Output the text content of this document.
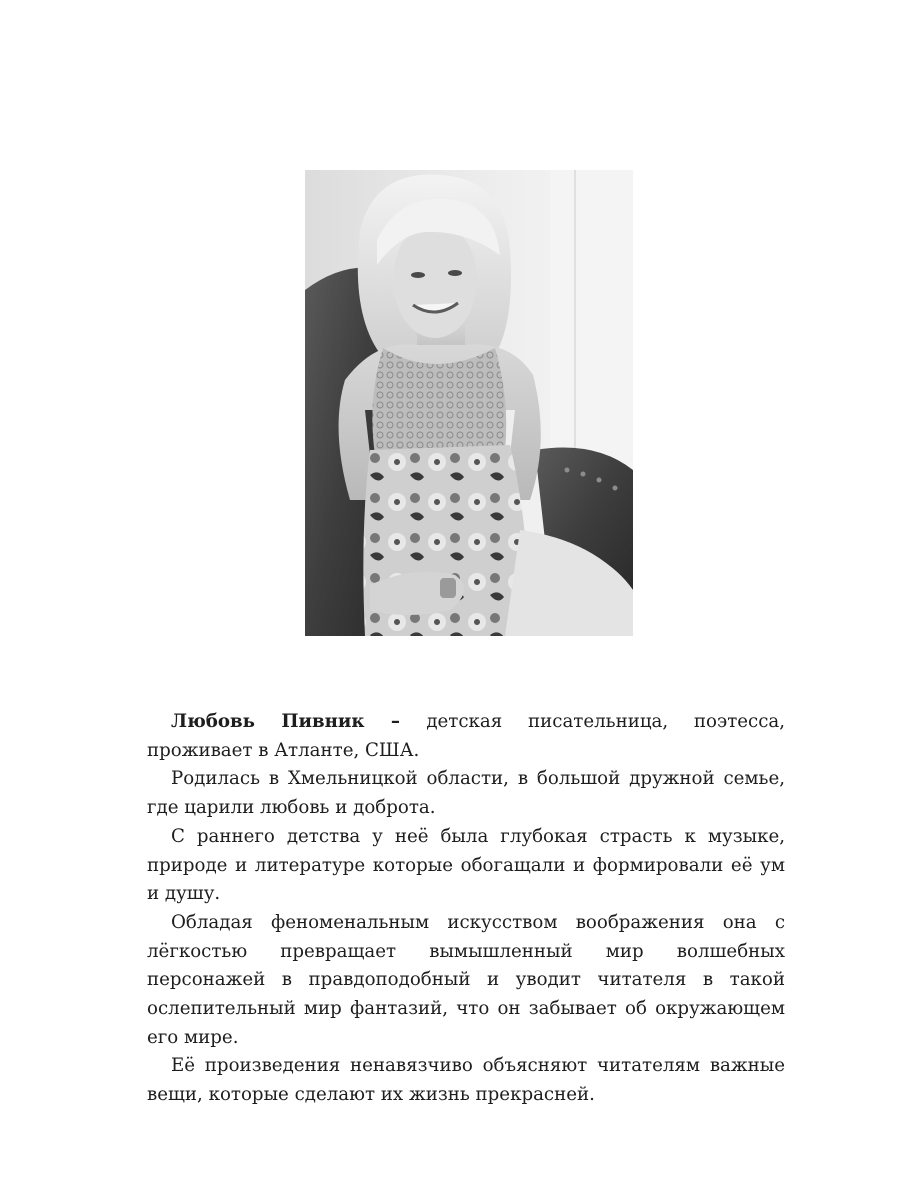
Любовь Пивник – детская писательница, поэтесса, проживает в Атланте, США.

Родилась в Хмельницкой области, в большой дружной семье, где царили любовь и доброта.

С раннего детства у неё была глубокая страсть к музыке, природе и литературе которые обогащали и формировали её ум и душу.

Обладая феноменальным искусством воображения она с лёгкостью превращает вымышленный мир волшебных персонажей в правдоподобный и уводит читателя в такой ослепительный мир фантазий, что он забывает об окружающем его мире.

Её произведения ненавязчиво объясняют читателям важные вещи, которые сделают их жизнь прекрасней.
